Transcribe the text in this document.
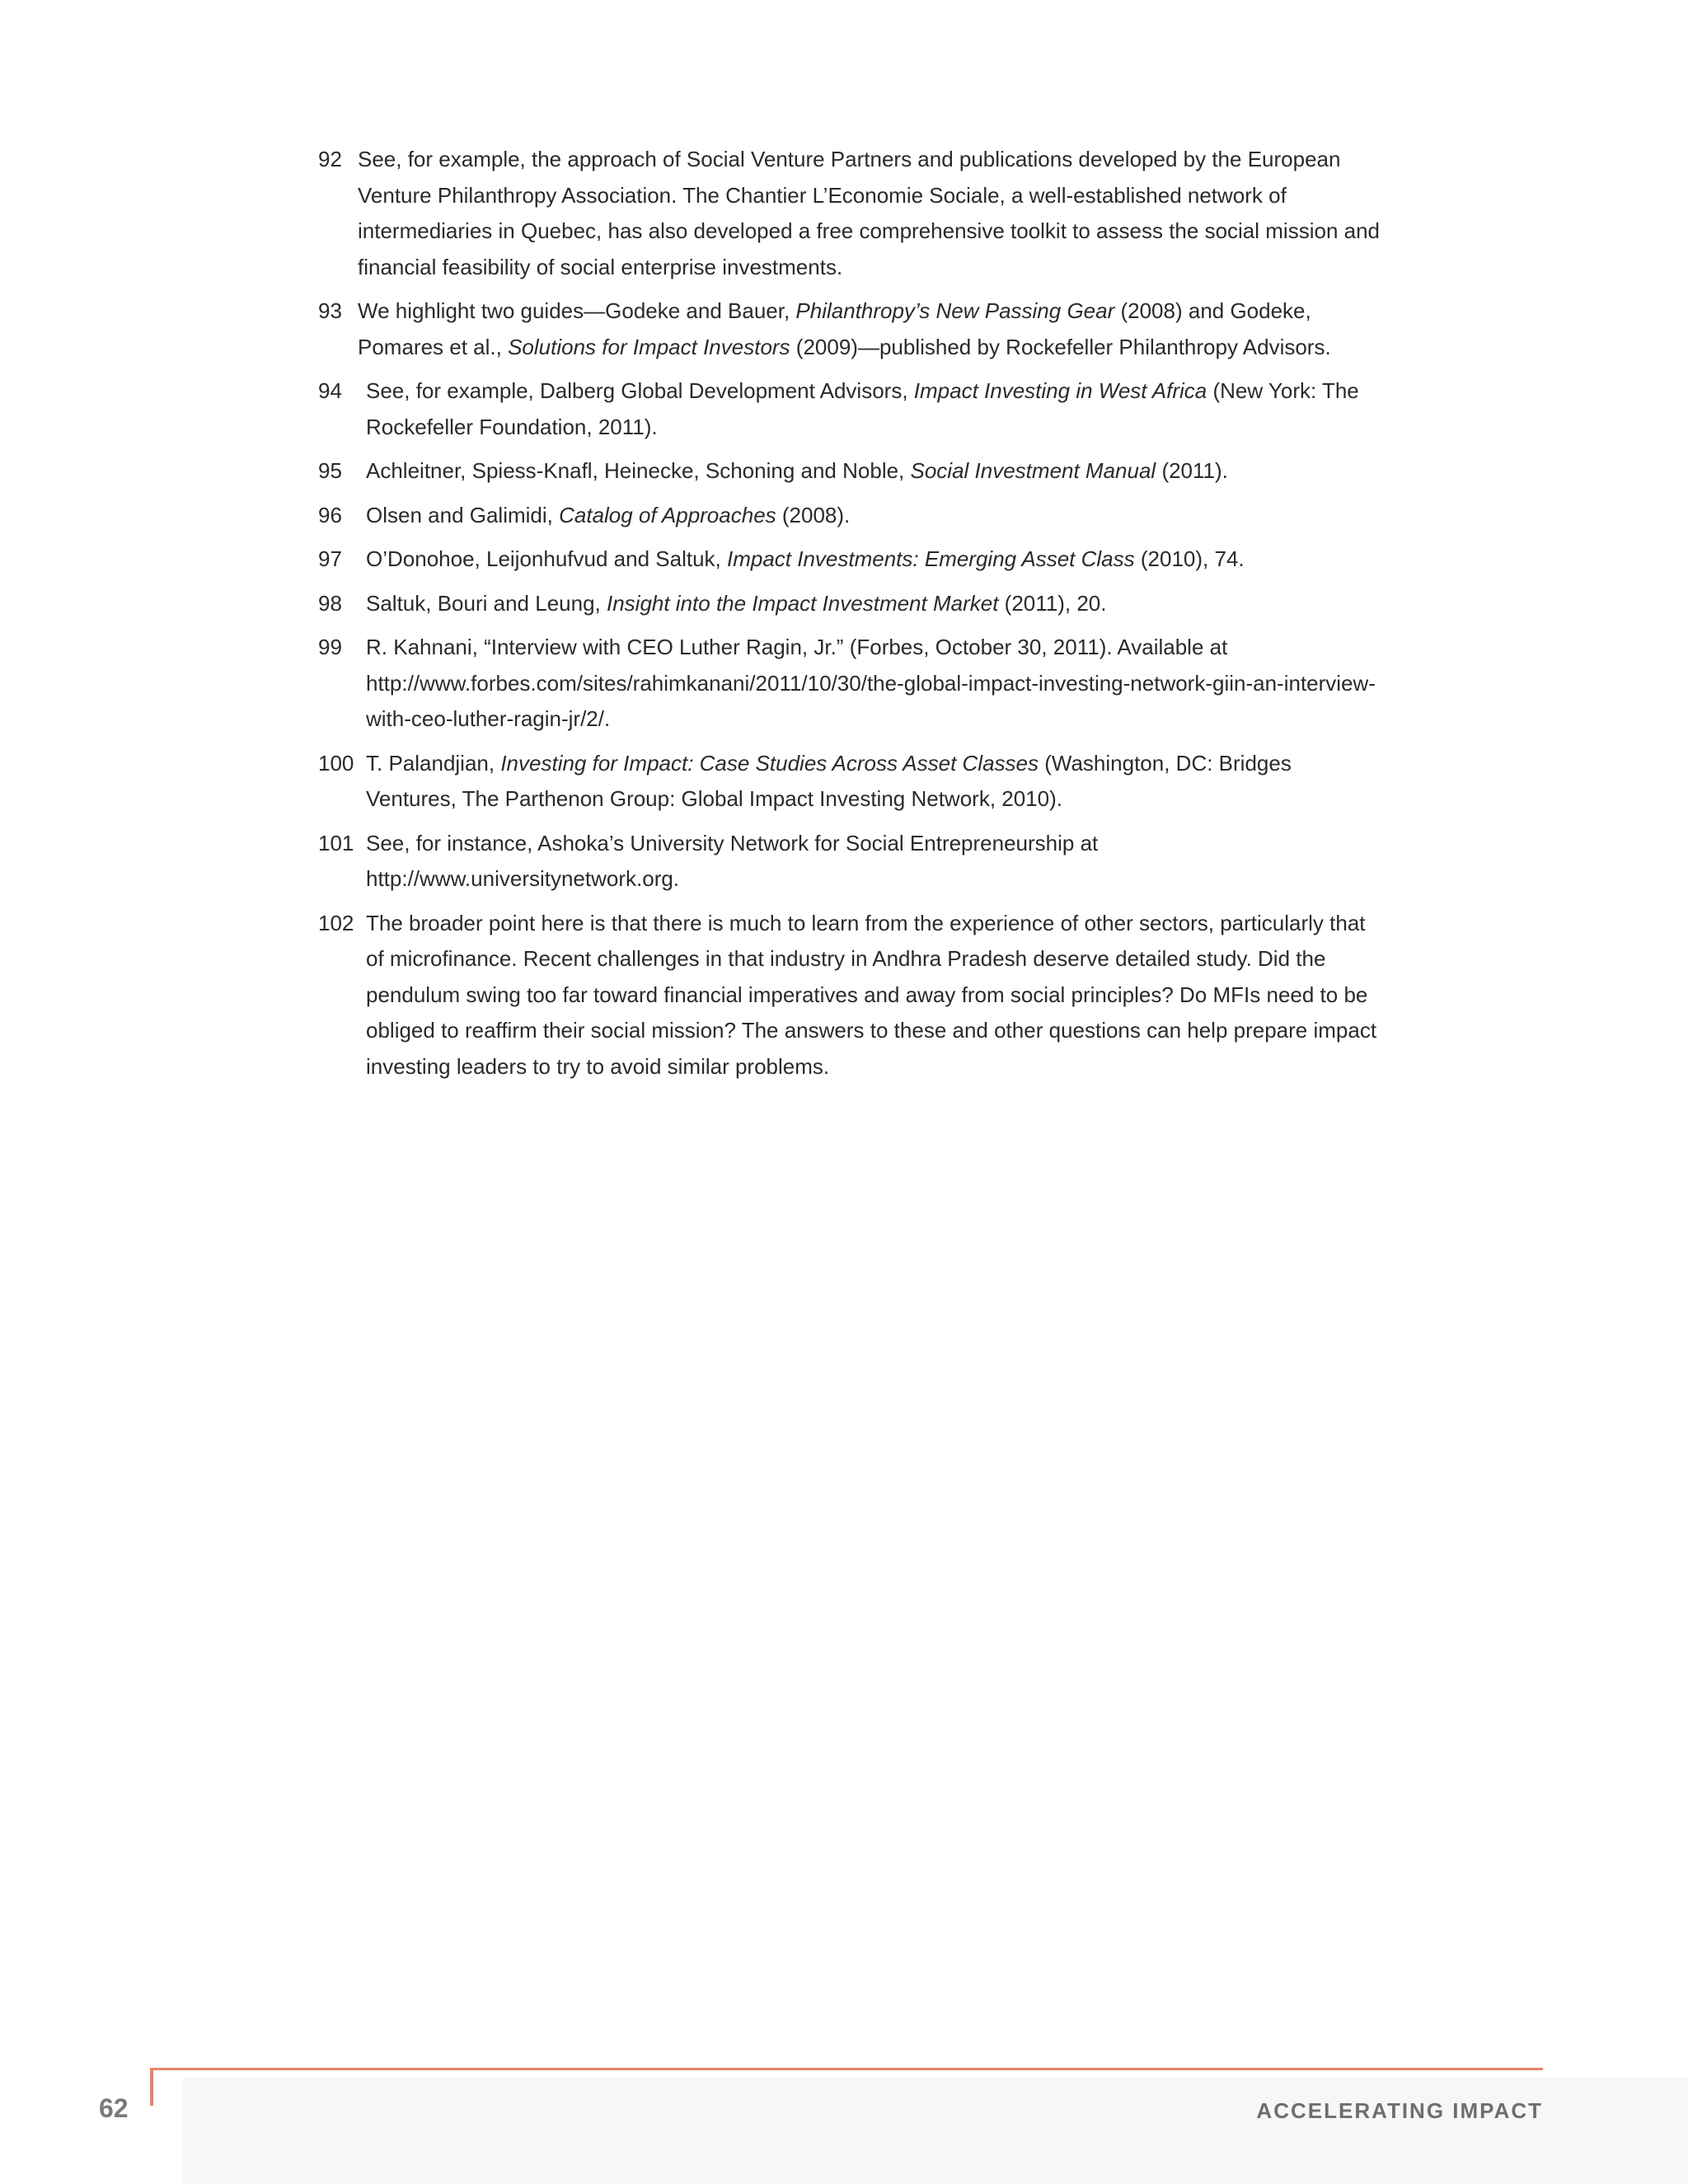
92 See, for example, the approach of Social Venture Partners and publications developed by the European Venture Philanthropy Association. The Chantier L’Economie Sociale, a well-established network of intermediaries in Quebec, has also developed a free comprehensive toolkit to assess the social mission and financial feasibility of social enterprise investments.
93 We highlight two guides—Godeke and Bauer, Philanthropy’s New Passing Gear (2008) and Godeke, Pomares et al., Solutions for Impact Investors (2009)—published by Rockefeller Philanthropy Advisors.
94	See, for example, Dalberg Global Development Advisors, Impact Investing in West Africa (New York: The Rockefeller Foundation, 2011).
95	Achleitner, Spiess-Knafl, Heinecke, Schoning and Noble, Social Investment Manual (2011).
96	Olsen and Galimidi, Catalog of Approaches (2008).
97	O’Donohoe, Leijonhufvud and Saltuk, Impact Investments: Emerging Asset Class (2010), 74.
98	Saltuk, Bouri and Leung, Insight into the Impact Investment Market (2011), 20.
99	R. Kahnani, “Interview with CEO Luther Ragin, Jr.” (Forbes, October 30, 2011). Available at http://www.forbes.com/sites/rahimkanani/2011/10/30/the-global-impact-investing-network-giin-an-interview-with-ceo-luther-ragin-jr/2/.
100 T. Palandjian, Investing for Impact: Case Studies Across Asset Classes (Washington, DC: Bridges Ventures, The Parthenon Group: Global Impact Investing Network, 2010).
101 See, for instance, Ashoka’s University Network for Social Entrepreneurship at http://www.universitynetwork.org.
102 The broader point here is that there is much to learn from the experience of other sectors, particularly that of microfinance. Recent challenges in that industry in Andhra Pradesh deserve detailed study. Did the pendulum swing too far toward financial imperatives and away from social principles? Do MFIs need to be obliged to reaffirm their social mission? The answers to these and other questions can help prepare impact investing leaders to try to avoid similar problems.
62	ACCELERATING IMPACT
